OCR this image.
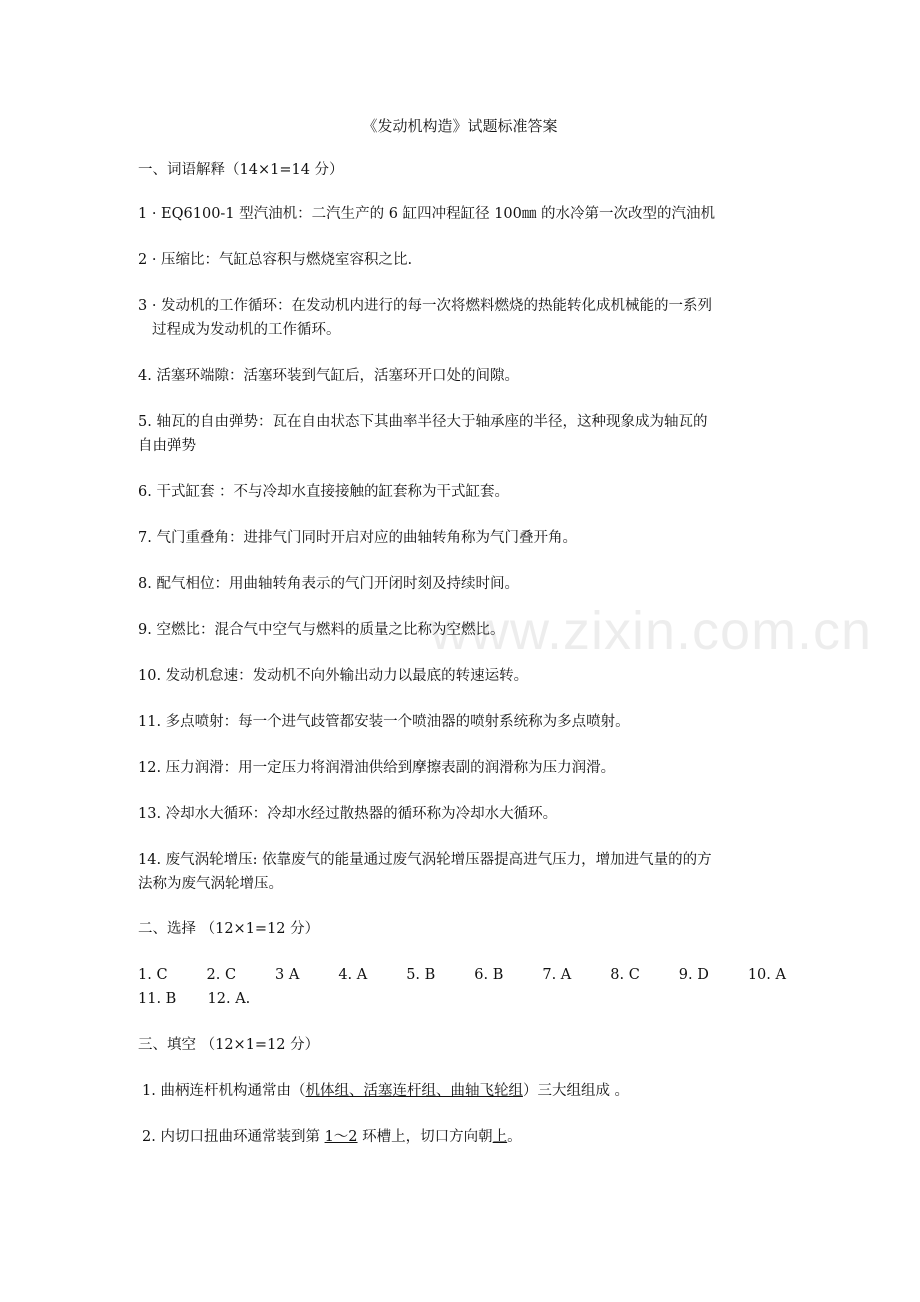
www.zixin.com.cn
《发动机构造》试题标准答案
一、词语解释（14×1=14 分）
1 · EQ6100-1 型汽油机：二汽生产的 6 缸四冲程缸径 100㎜ 的水冷第一次改型的汽油机
2 · 压缩比：气缸总容积与燃烧室容积之比.
3 · 发动机的工作循环：在发动机内进行的每一次将燃料燃烧的热能转化成机械能的一系列
过程成为发动机的工作循环。
4. 活塞环端隙：活塞环装到气缸后，活塞环开口处的间隙。
5. 轴瓦的自由弹势：瓦在自由状态下其曲率半径大于轴承座的半径，这种现象成为轴瓦的
自由弹势
6. 干式缸套 ：不与冷却水直接接触的缸套称为干式缸套。
7. 气门重叠角：进排气门同时开启对应的曲轴转角称为气门叠开角。
8. 配气相位：用曲轴转角表示的气门开闭时刻及持续时间。
9. 空燃比：混合气中空气与燃料的质量之比称为空燃比。
10. 发动机怠速：发动机不向外输出动力以最底的转速运转。
11. 多点喷射：每一个进气歧管都安装一个喷油器的喷射系统称为多点喷射。
12. 压力润滑：用一定压力将润滑油供给到摩擦表副的润滑称为压力润滑。
13. 冷却水大循环：冷却水经过散热器的循环称为冷却水大循环。
14. 废气涡轮增压: 依靠废气的能量通过废气涡轮增压器提高进气压力，增加进气量的的方
法称为废气涡轮增压。
二、选择 （12×1=12 分）
1. C	2. C	3 A	4. A	5. B	6. B	7. A	8. C	9. D	10. A
11. B 12. A.
三、填空 （12×1=12 分）
1. 曲柄连杆机构通常由（机体组、活塞连杆组、曲轴飞轮组）三大组组成 。
2. 内切口扭曲环通常装到第 1～2 环槽上，切口方向朝上。
